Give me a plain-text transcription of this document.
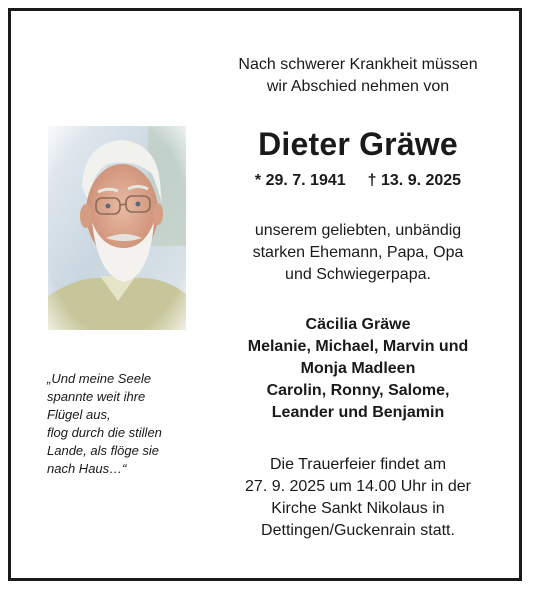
Nach schwerer Krankheit müssen
wir Abschied nehmen von
Dieter Gräwe
* 29. 7. 1941 † 13. 9. 2025
unserem geliebten, unbändig
starken Ehemann, Papa, Opa
und Schwiegerpapa.
Cäcilia Gräwe
Melanie, Michael, Marvin und
Monja Madleen
Carolin, Ronny, Salome,
Leander und Benjamin
Die Trauerfeier findet am
27. 9. 2025 um 14.00 Uhr in der
Kirche Sankt Nikolaus in
Dettingen/Guckenrain statt.
„Und meine Seele
spannte weit ihre
Flügel aus,
flog durch die stillen
Lande, als flöge sie
nach Haus…“
